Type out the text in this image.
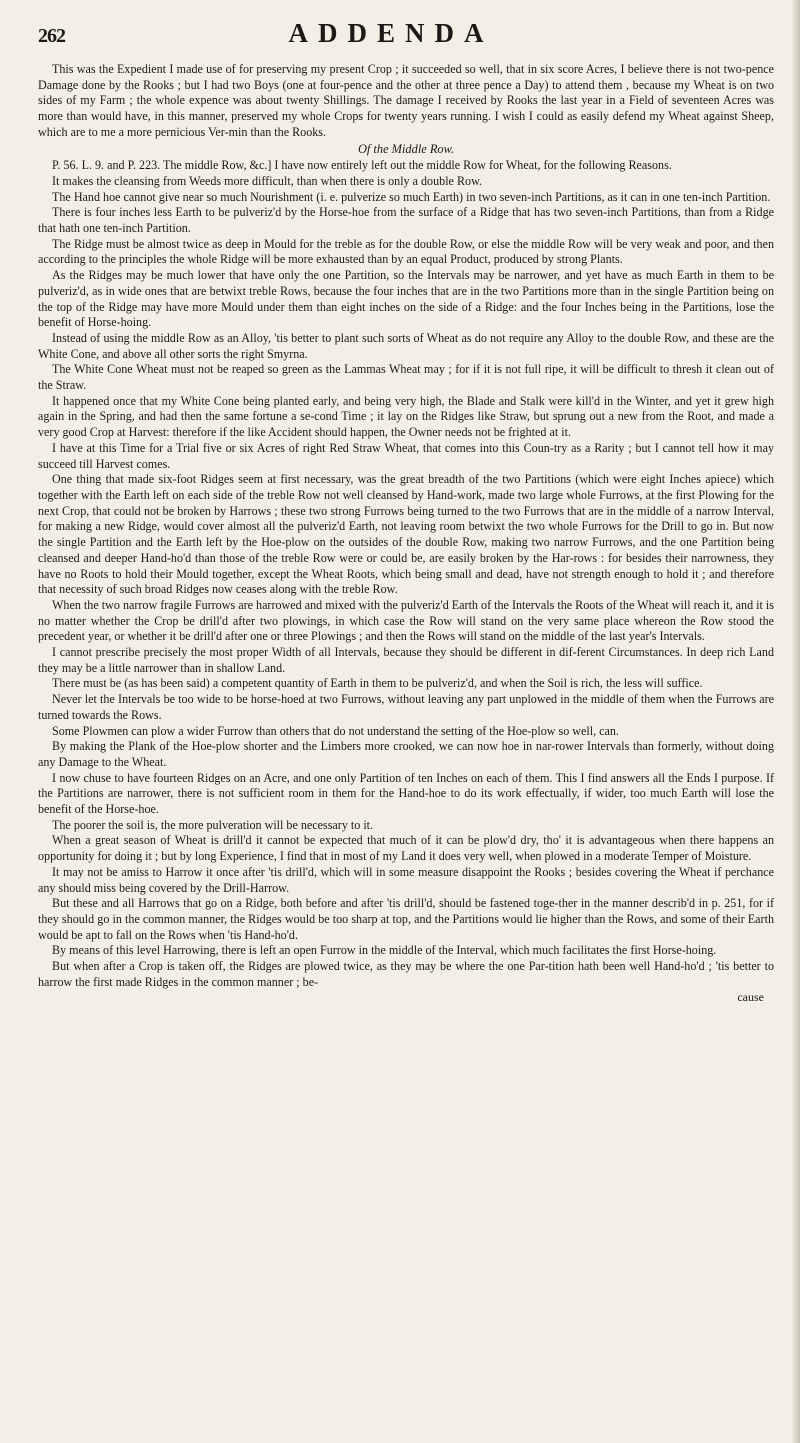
262	ADDENDA

This was the Expedient I made use of for preserving my present Crop ; it succeeded so well, that in six score Acres, I believe there is not two-pence Damage done by the Rooks ; but I had two Boys (one at four-pence and the other at three pence a Day) to attend them , because my Wheat is on two sides of my Farm ; the whole expence was about twenty Shillings. The damage I received by Rooks the last year in a Field of seventeen Acres was more than would have, in this manner, preserved my whole Crops for twenty years running. I wish I could as easily defend my Wheat against Sheep, which are to me a more pernicious Ver-min than the Rooks.

Of the Middle Row.

P. 56. L. 9. and P. 223. The middle Row, &c.] I have now entirely left out the middle Row for Wheat, for the following Reasons.

It makes the cleansing from Weeds more difficult, than when there is only a double Row.

The Hand hoe cannot give near so much Nourishment (i. e. pulverize so much Earth) in two seven-inch Partitions, as it can in one ten-inch Partition.

There is four inches less Earth to be pulveriz'd by the Horse-hoe from the surface of a Ridge that has two seven-inch Partitions, than from a Ridge that hath one ten-inch Partition.

The Ridge must be almost twice as deep in Mould for the treble as for the double Row, or else the middle Row will be very weak and poor, and then according to the principles the whole Ridge will be more exhausted than by an equal Product, produced by strong Plants.

As the Ridges may be much lower that have only the one Partition, so the Intervals may be narrower, and yet have as much Earth in them to be pulveriz'd, as in wide ones that are betwixt treble Rows, because the four inches that are in the two Partitions more than in the single Partition being on the top of the Ridge may have more Mould under them than eight inches on the side of a Ridge: and the four Inches being in the Partitions, lose the benefit of Horse-hoing.

Instead of using the middle Row as an Alloy, 'tis better to plant such sorts of Wheat as do not require any Alloy to the double Row, and these are the White Cone, and above all other sorts the right Smyrna.

The White Cone Wheat must not be reaped so green as the Lammas Wheat may ; for if it is not full ripe, it will be difficult to thresh it clean out of the Straw.

It happened once that my White Cone being planted early, and being very high, the Blade and Stalk were kill'd in the Winter, and yet it grew high again in the Spring, and had then the same fortune a se-cond Time ; it lay on the Ridges like Straw, but sprung out a new from the Root, and made a very good Crop at Harvest: therefore if the like Accident should happen, the Owner needs not be frighted at it.

I have at this Time for a Trial five or six Acres of right Red Straw Wheat, that comes into this Coun-try as a Rarity ; but I cannot tell how it may succeed till Harvest comes.

One thing that made six-foot Ridges seem at first necessary, was the great breadth of the two Partitions (which were eight Inches apiece) which together with the Earth left on each side of the treble Row not well cleansed by Hand-work, made two large whole Furrows, at the first Plowing for the next Crop, that could not be broken by Harrows ; these two strong Furrows being turned to the two Furrows that are in the middle of a narrow Interval, for making a new Ridge, would cover almost all the pulveriz'd Earth, not leaving room betwixt the two whole Furrows for the Drill to go in. But now the single Partition and the Earth left by the Hoe-plow on the outsides of the double Row, making two narrow Furrows, and the one Partition being cleansed and deeper Hand-ho'd than those of the treble Row were or could be, are easily broken by the Har-rows : for besides their narrowness, they have no Roots to hold their Mould together, except the Wheat Roots, which being small and dead, have not strength enough to hold it ; and therefore that necessity of such broad Ridges now ceases along with the treble Row.

When the two narrow fragile Furrows are harrowed and mixed with the pulveriz'd Earth of the Intervals the Roots of the Wheat will reach it, and it is no matter whether the Crop be drill'd after two plowings, in which case the Row will stand on the very same place whereon the Row stood the precedent year, or whether it be drill'd after one or three Plowings ; and then the Rows will stand on the middle of the last year's Intervals.

I cannot prescribe precisely the most proper Width of all Intervals, because they should be different in dif-ferent Circumstances. In deep rich Land they may be a little narrower than in shallow Land.

There must be (as has been said) a competent quantity of Earth in them to be pulveriz'd, and when the Soil is rich, the less will suffice.

Never let the Intervals be too wide to be horse-hoed at two Furrows, without leaving any part unplowed in the middle of them when the Furrows are turned towards the Rows.

Some Plowmen can plow a wider Furrow than others that do not understand the setting of the Hoe-plow so well, can.

By making the Plank of the Hoe-plow shorter and the Limbers more crooked, we can now hoe in nar-rower Intervals than formerly, without doing any Damage to the Wheat.

I now chuse to have fourteen Ridges on an Acre, and one only Partition of ten Inches on each of them. This I find answers all the Ends I purpose. If the Partitions are narrower, there is not sufficient room in them for the Hand-hoe to do its work effectually, if wider, too much Earth will lose the benefit of the Horse-hoe.

The poorer the soil is, the more pulveration will be necessary to it.

When a great season of Wheat is drill'd it cannot be expected that much of it can be plow'd dry, tho' it is advantageous when there happens an opportunity for doing it ; but by long Experience, I find that in most of my Land it does very well, when plowed in a moderate Temper of Moisture.

It may not be amiss to Harrow it once after 'tis drill'd, which will in some measure disappoint the Rooks ; besides covering the Wheat if perchance any should miss being covered by the Drill-Harrow.

But these and all Harrows that go on a Ridge, both before and after 'tis drill'd, should be fastened toge-ther in the manner describ'd in p. 251, for if they should go in the common manner, the Ridges would be too sharp at top, and the Partitions would lie higher than the Rows, and some of their Earth would be apt to fall on the Rows when 'tis Hand-ho'd.

By means of this level Harrowing, there is left an open Furrow in the middle of the Interval, which much facilitates the first Horse-hoing.

But when after a Crop is taken off, the Ridges are plowed twice, as they may be where the one Par-tition hath been well Hand-ho'd ; 'tis better to harrow the first made Ridges in the common manner ; be-

cause
